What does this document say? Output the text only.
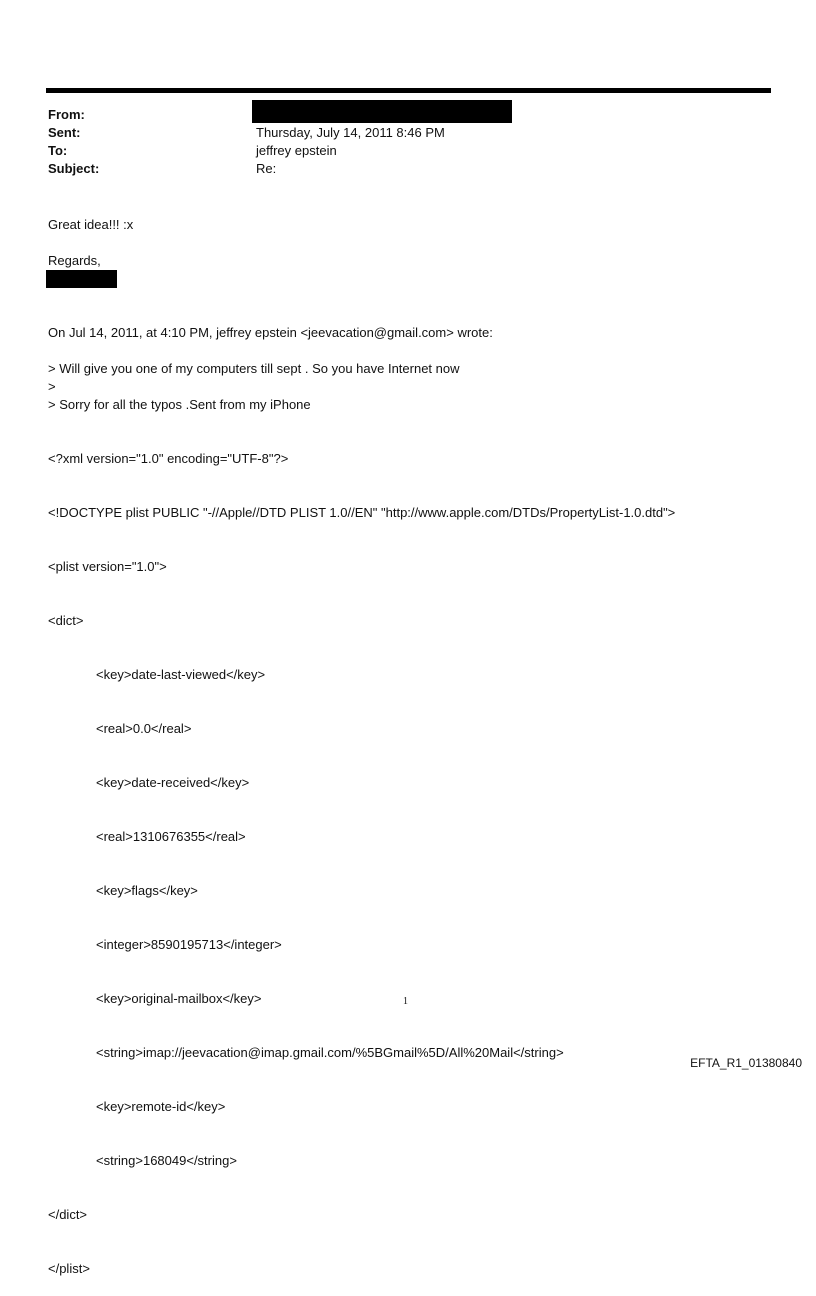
From:
Sent:	Thursday, July 14, 2011 8:46 PM
To:	jeffrey epstein
Subject:	Re:
Great idea!!! :x
Regards,
On Jul 14, 2011, at 4:10 PM, jeffrey epstein <jeevacation@gmail.com> wrote:
> Will give you one of my computers till sept . So you have Internet now
>
> Sorry for all the typos .Sent from my iPhone

<?xml version="1.0" encoding="UTF-8"?>

<!DOCTYPE plist PUBLIC "-//Apple//DTD PLIST 1.0//EN" "http://www.apple.com/DTDs/PropertyList-1.0.dtd">

<plist version="1.0">

<dict>

<key>date-last-viewed</key>

<real>0.0</real>

<key>date-received</key>

<real>1310676355</real>

<key>flags</key>

<integer>8590195713</integer>

<key>original-mailbox</key>

<string>imap://jeevacation@imap.gmail.com/%5BGmail%5D/All%20Mail</string>

<key>remote-id</key>

<string>168049</string>

</dict>

</plist>

1
EFTA_R1_01380840
